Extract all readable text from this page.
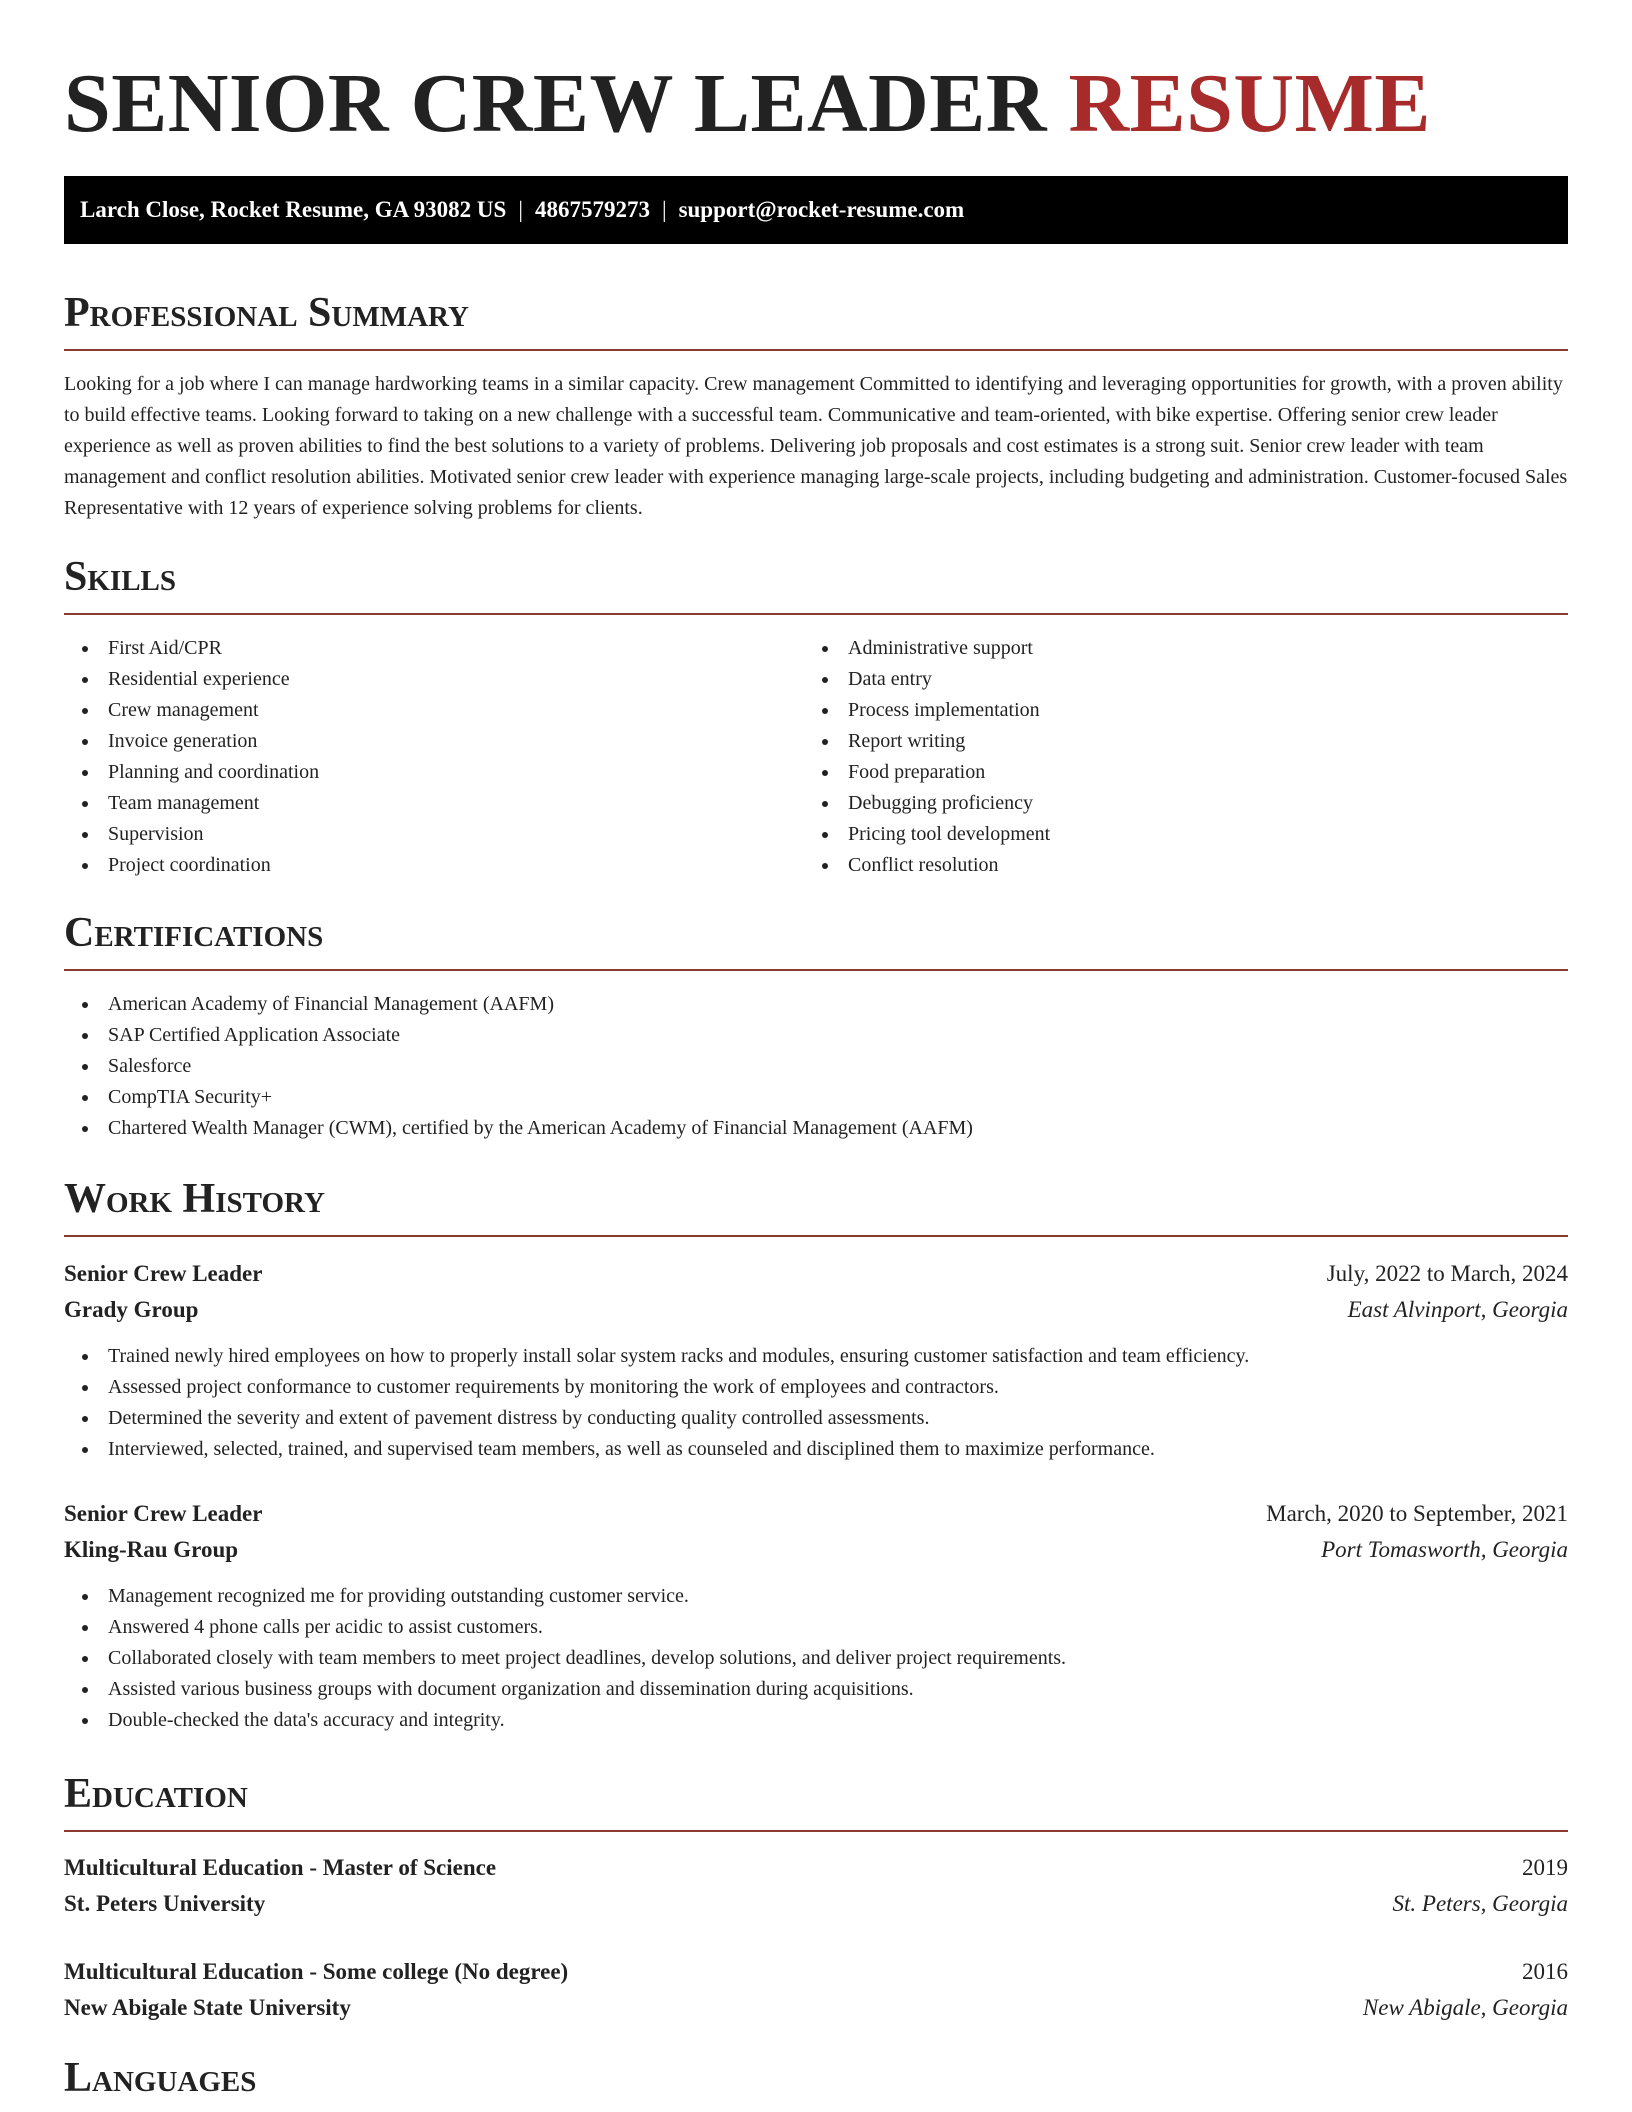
SENIOR CREW LEADER RESUME
Larch Close, Rocket Resume, GA 93082 US | 4867579273 | support@rocket-resume.com
Professional Summary

Looking for a job where I can manage hardworking teams in a similar capacity. Crew management Committed to identifying and leveraging opportunities for growth, with a proven ability to build effective teams. Looking forward to taking on a new challenge with a successful team. Communicative and team-oriented, with bike expertise. Offering senior crew leader experience as well as proven abilities to find the best solutions to a variety of problems. Delivering job proposals and cost estimates is a strong suit. Senior crew leader with team management and conflict resolution abilities. Motivated senior crew leader with experience managing large-scale projects, including budgeting and administration. Customer-focused Sales Representative with 12 years of experience solving problems for clients.

Skills
First Aid/CPR
Residential experience
Crew management
Invoice generation
Planning and coordination
Team management
Supervision
Project coordination
Administrative support
Data entry
Process implementation
Report writing
Food preparation
Debugging proficiency
Pricing tool development
Conflict resolution
Certifications
American Academy of Financial Management (AAFM)
SAP Certified Application Associate
Salesforce
CompTIA Security+
Chartered Wealth Manager (CWM), certified by the American Academy of Financial Management (AAFM)
Work History
Senior Crew Leader	July, 2022 to March, 2024
Grady Group	East Alvinport, Georgia
Trained newly hired employees on how to properly install solar system racks and modules, ensuring customer satisfaction and team efficiency.
Assessed project conformance to customer requirements by monitoring the work of employees and contractors.
Determined the severity and extent of pavement distress by conducting quality controlled assessments.
Interviewed, selected, trained, and supervised team members, as well as counseled and disciplined them to maximize performance.
Senior Crew Leader	March, 2020 to September, 2021
Kling-Rau Group	Port Tomasworth, Georgia
Management recognized me for providing outstanding customer service.
Answered 4 phone calls per acidic to assist customers.
Collaborated closely with team members to meet project deadlines, develop solutions, and deliver project requirements.
Assisted various business groups with document organization and dissemination during acquisitions.
Double-checked the data's accuracy and integrity.
Education
Multicultural Education - Master of Science	2019
St. Peters University	St. Peters, Georgia
Multicultural Education - Some college (No degree)	2016
New Abigale State University	New Abigale, Georgia
Languages
